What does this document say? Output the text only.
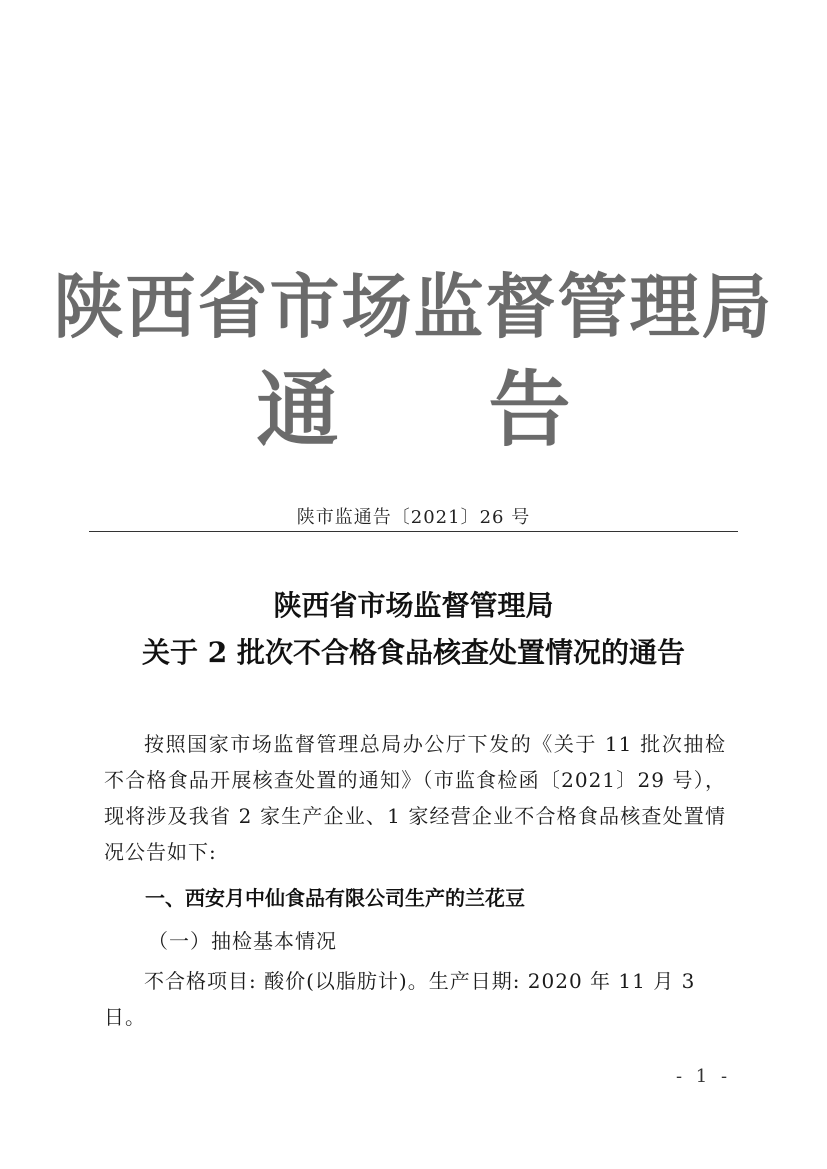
陕西省市场监督管理局
通 告
陕市监通告〔2021〕26 号
陕西省市场监督管理局
关于 2 批次不合格食品核查处置情况的通告
按照国家市场监督管理总局办公厅下发的《关于 11 批次抽检不合格食品开展核查处置的通知》（市监食检函〔2021〕29 号），现将涉及我省 2 家生产企业、1 家经营企业不合格食品核查处置情况公告如下:
一、西安月中仙食品有限公司生产的兰花豆
（一）抽检基本情况
不合格项目: 酸价(以脂肪计)。生产日期: 2020 年 11 月 3 日。
- 1 -
